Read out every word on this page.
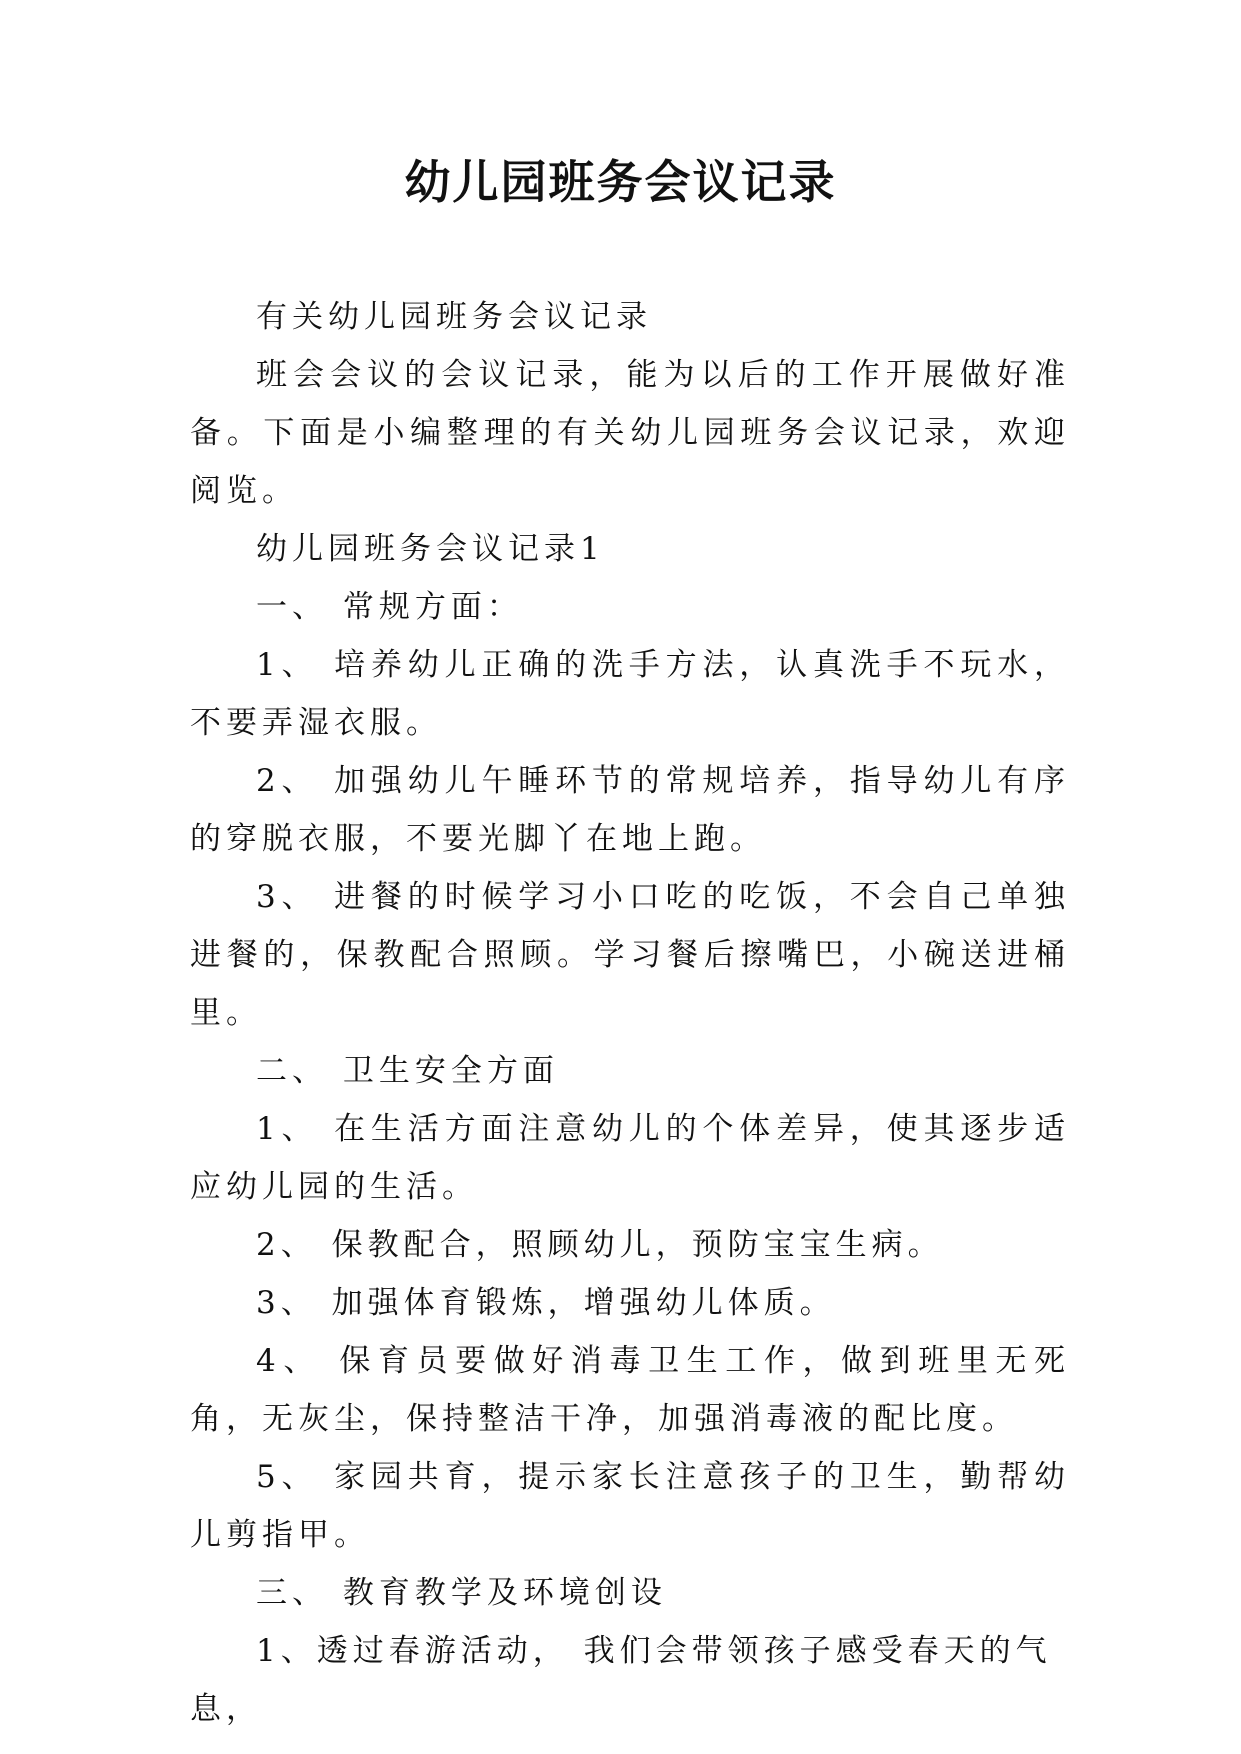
幼儿园班务会议记录

有关幼儿园班务会议记录

班会会议的会议记录，能为以后的工作开展做好准备。下面是小编整理的有关幼儿园班务会议记录，欢迎阅览。

幼儿园班务会议记录1

一、 常规方面：

1、 培养幼儿正确的洗手方法，认真洗手不玩水，不要弄湿衣服。

2、 加强幼儿午睡环节的常规培养，指导幼儿有序的穿脱衣服，不要光脚丫在地上跑。

3、 进餐的时候学习小口吃的吃饭，不会自己单独进餐的，保教配合照顾。学习餐后擦嘴巴，小碗送进桶里。

二、 卫生安全方面

1、 在生活方面注意幼儿的个体差异，使其逐步适应幼儿园的生活。

2、 保教配合，照顾幼儿，预防宝宝生病。

3、 加强体育锻炼，增强幼儿体质。

4、 保育员要做好消毒卫生工作，做到班里无死角，无灰尘，保持整洁干净，加强消毒液的配比度。

5、 家园共育，提示家长注意孩子的卫生，勤帮幼儿剪指甲。

三、 教育教学及环境创设

1、透过春游活动， 我们会带领孩子感受春天的气息，
